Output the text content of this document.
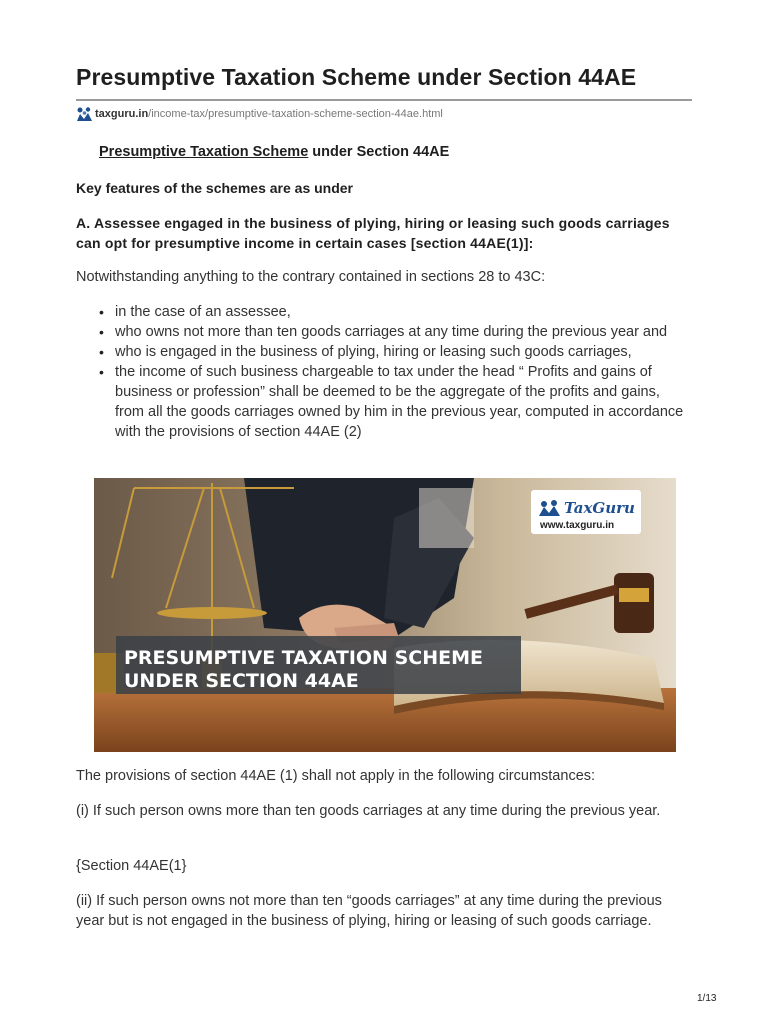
Presumptive Taxation Scheme under Section 44AE
taxguru.in /income-tax/presumptive-taxation-scheme-section-44ae.html
Presumptive Taxation Scheme under Section 44AE
Key features of the schemes are as under
A. Assessee engaged in the business of plying, hiring or leasing such goods carriages can opt for presumptive income in certain cases [section 44AE(1)]:

Notwithstanding anything to the contrary contained in sections 28 to 43C:

• in the case of an assessee,
• who owns not more than ten goods carriages at any time during the previous year and
• who is engaged in the business of plying, hiring or leasing such goods carriages,
• the income of such business chargeable to tax under the head “ Profits and gains of business or profession” shall be deemed to be the aggregate of the profits and gains, from all the goods carriages owned by him in the previous year, computed in accordance with the provisions of section 44AE (2)
TaxGuru
www.taxguru.in
PRESUMPTIVE TAXATION SCHEME
UNDER SECTION 44AE

The provisions of section 44AE (1) shall not apply in the following circumstances:

(i) If such person owns more than ten goods carriages at any time during the previous year.

{Section 44AE(1}

(ii) If such person owns not more than ten “goods carriages” at any time during the previous year but is not engaged in the business of plying, hiring or leasing of such goods carriage.

1/13
